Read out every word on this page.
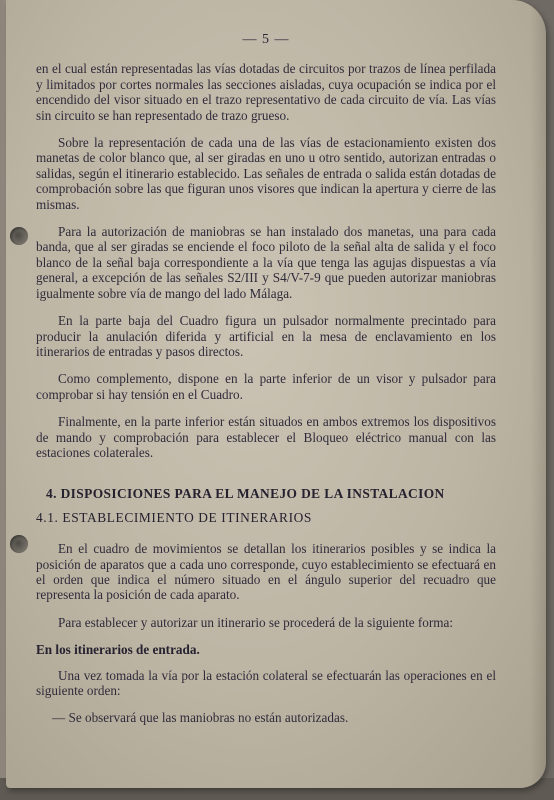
— 5 —

en el cual están representadas las vías dotadas de circuitos por trazos de línea perfilada y limitados por cortes normales las secciones aisladas, cuya ocupación se indica por el encendido del visor situado en el trazo representativo de cada circuito de vía. Las vías sin circuito se han representado de trazo grueso.

Sobre la representación de cada una de las vías de estacionamiento existen dos manetas de color blanco que, al ser giradas en uno u otro sentido, autorizan entradas o salidas, según el itinerario establecido. Las señales de entrada o salida están dotadas de comprobación sobre las que figuran unos visores que indican la apertura y cierre de las mismas.

Para la autorización de maniobras se han instalado dos manetas, una para cada banda, que al ser giradas se enciende el foco piloto de la señal alta de salida y el foco blanco de la señal baja correspondiente a la vía que tenga las agujas dispuestas a vía general, a excepción de las señales S2/III y S4/V-7-9 que pueden autorizar maniobras igualmente sobre vía de mango del lado Málaga.

En la parte baja del Cuadro figura un pulsador normalmente precintado para producir la anulación diferida y artificial en la mesa de enclavamiento en los itinerarios de entradas y pasos directos.

Como complemento, dispone en la parte inferior de un visor y pulsador para comprobar si hay tensión en el Cuadro.

Finalmente, en la parte inferior están situados en ambos extremos los dispositivos de mando y comprobación para establecer el Bloqueo eléctrico manual con las estaciones colaterales.

4. DISPOSICIONES PARA EL MANEJO DE LA INSTALACION
4.1. ESTABLECIMIENTO DE ITINERARIOS

En el cuadro de movimientos se detallan los itinerarios posibles y se indica la posición de aparatos que a cada uno corresponde, cuyo establecimiento se efectuará en el orden que indica el número situado en el ángulo superior del recuadro que representa la posición de cada aparato.

Para establecer y autorizar un itinerario se procederá de la siguiente forma:

En los itinerarios de entrada.

Una vez tomada la vía por la estación colateral se efectuarán las operaciones en el siguiente orden:

— Se observará que las maniobras no están autorizadas.
